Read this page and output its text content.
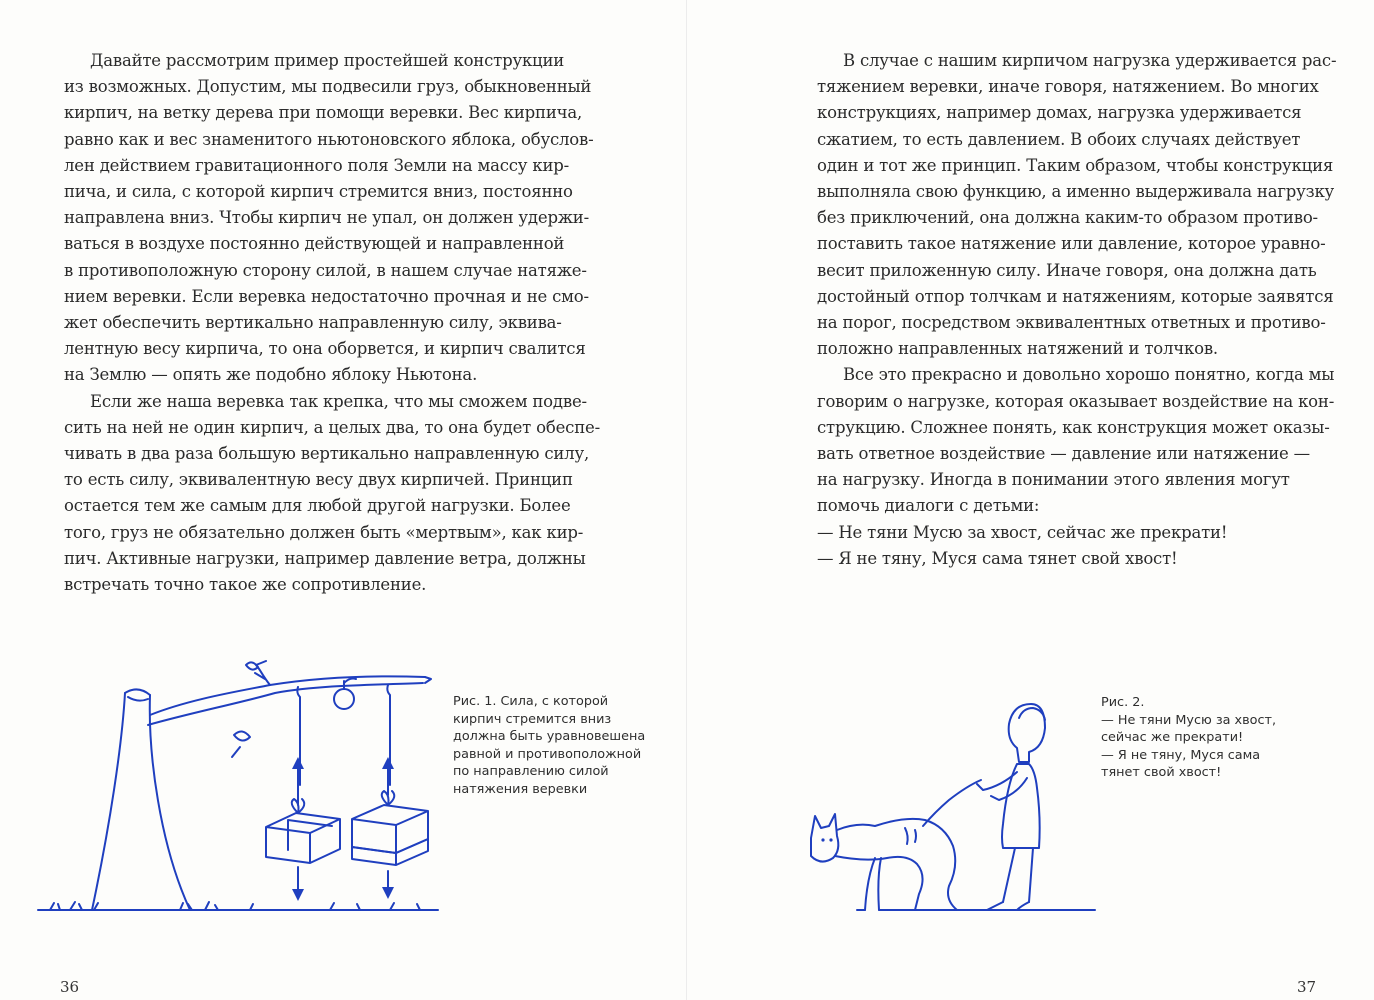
Давайте рассмотрим пример простейшей конструкции
из возможных. Допустим, мы подвесили груз, обыкновенный
кирпич, на ветку дерева при помощи веревки. Вес кирпича,
равно как и вес знаменитого ньютоновского яблока, обуслов-
лен действием гравитационного поля Земли на массу кир-
пича, и сила, с которой кирпич стремится вниз, постоянно
направлена вниз. Чтобы кирпич не упал, он должен удержи-
ваться в воздухе постоянно действующей и направленной
в противоположную сторону силой, в нашем случае натяже-
нием веревки. Если веревка недостаточно прочная и не смо-
жет обеспечить вертикально направленную силу, эквива-
лентную весу кирпича, то она оборвется, и кирпич свалится
на Землю — опять же подобно яблоку Ньютона.
Если же наша веревка так крепка, что мы сможем подве-
сить на ней не один кирпич, а целых два, то она будет обеспе-
чивать в два раза большую вертикально направленную силу,
то есть силу, эквивалентную весу двух кирпичей. Принцип
остается тем же самым для любой другой нагрузки. Более
того, груз не обязательно должен быть «мертвым», как кир-
пич. Активные нагрузки, например давление ветра, должны
встречать точно такое же сопротивление.
Рис. 1. Сила, с которой
кирпич стремится вниз
должна быть уравновешена
равной и противоположной
по направлению силой
натяжения веревки
36
В случае с нашим кирпичом нагрузка удерживается рас-
тяжением веревки, иначе говоря, натяжением. Во многих
конструкциях, например домах, нагрузка удерживается
сжатием, то есть давлением. В обоих случаях действует
один и тот же принцип. Таким образом, чтобы конструкция
выполняла свою функцию, а именно выдерживала нагрузку
без приключений, она должна каким-то образом противо-
поставить такое натяжение или давление, которое уравно-
весит приложенную силу. Иначе говоря, она должна дать
достойный отпор толчкам и натяжениям, которые заявятся
на порог, посредством эквивалентных ответных и противо-
положно направленных натяжений и толчков.
Все это прекрасно и довольно хорошо понятно, когда мы
говорим о нагрузке, которая оказывает воздействие на кон-
струкцию. Сложнее понять, как конструкция может оказы-
вать ответное воздействие — давление или натяжение —
на нагрузку. Иногда в понимании этого явления могут
помочь диалоги с детьми:
— Не тяни Мусю за хвост, сейчас же прекрати!
— Я не тяну, Муся сама тянет свой хвост!
Рис. 2.
— Не тяни Мусю за хвост,
сейчас же прекрати!
— Я не тяну, Муся сама
тянет свой хвост!
37
